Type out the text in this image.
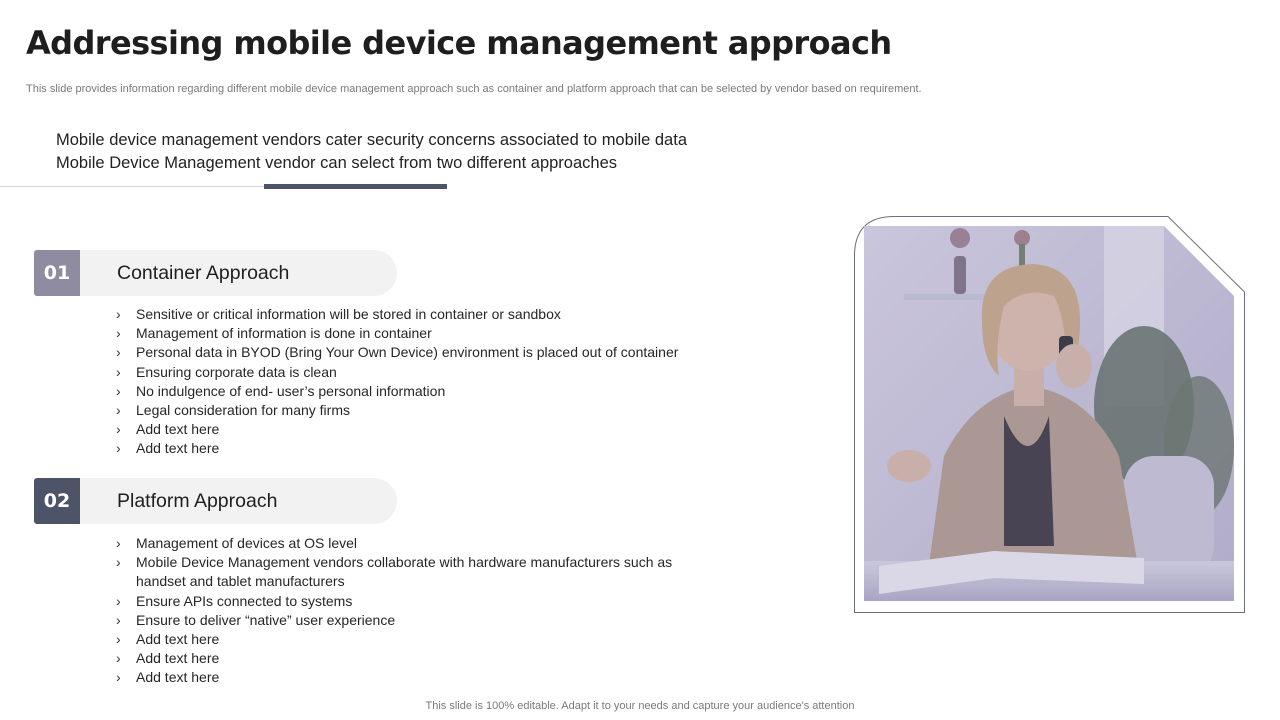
Addressing mobile device management approach
This slide provides information regarding different mobile device management approach such as container and platform approach that can be selected by vendor based on requirement.
Mobile device management vendors cater security concerns associated to mobile data
Mobile Device Management vendor can select from two different approaches
01	Container Approach
› Sensitive or critical information will be stored in container or sandbox
› Management of information is done in container
› Personal data in BYOD (Bring Your Own Device) environment is placed out of container
› Ensuring corporate data is clean
› No indulgence of end- user’s personal information
› Legal consideration for many firms
› Add text here
› Add text here
02	Platform Approach
› Management of devices at OS level
› Mobile Device Management vendors collaborate with hardware manufacturers such as handset and tablet manufacturers
› Ensure APIs connected to systems
› Ensure to deliver “native” user experience
› Add text here
› Add text here
› Add text here
This slide is 100% editable. Adapt it to your needs and capture your audience's attention
